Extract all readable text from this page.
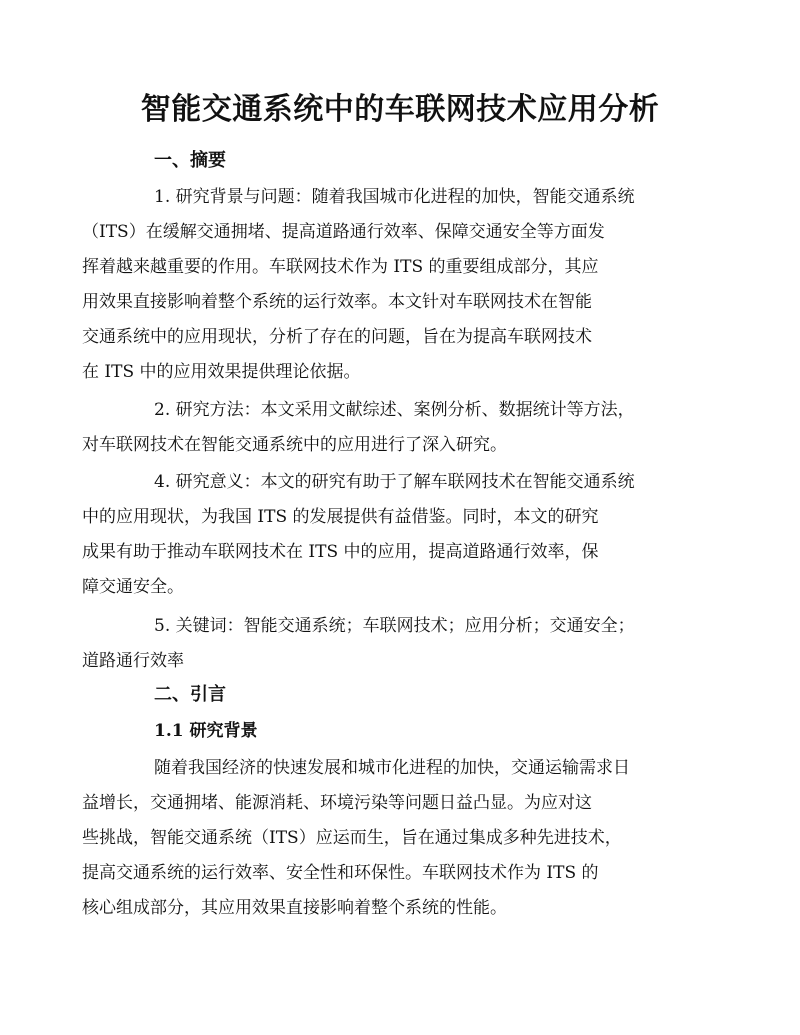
智能交通系统中的车联网技术应用分析
一、摘要

1. 研究背景与问题：随着我国城市化进程的加快，智能交通系统
（ITS）在缓解交通拥堵、提高道路通行效率、保障交通安全等方面发
挥着越来越重要的作用。车联网技术作为 ITS 的重要组成部分，其应
用效果直接影响着整个系统的运行效率。本文针对车联网技术在智能
交通系统中的应用现状，分析了存在的问题，旨在为提高车联网技术
在 ITS 中的应用效果提供理论依据。

2. 研究方法：本文采用文献综述、案例分析、数据统计等方法，
对车联网技术在智能交通系统中的应用进行了深入研究。

4. 研究意义：本文的研究有助于了解车联网技术在智能交通系统
中的应用现状，为我国 ITS 的发展提供有益借鉴。同时，本文的研究
成果有助于推动车联网技术在 ITS 中的应用，提高道路通行效率，保
障交通安全。

5. 关键词：智能交通系统；车联网技术；应用分析；交通安全；
道路通行效率

二、引言
1.1 研究背景

随着我国经济的快速发展和城市化进程的加快，交通运输需求日
益增长，交通拥堵、能源消耗、环境污染等问题日益凸显。为应对这
些挑战，智能交通系统（ITS）应运而生，旨在通过集成多种先进技术，
提高交通系统的运行效率、安全性和环保性。车联网技术作为 ITS 的
核心组成部分，其应用效果直接影响着整个系统的性能。
